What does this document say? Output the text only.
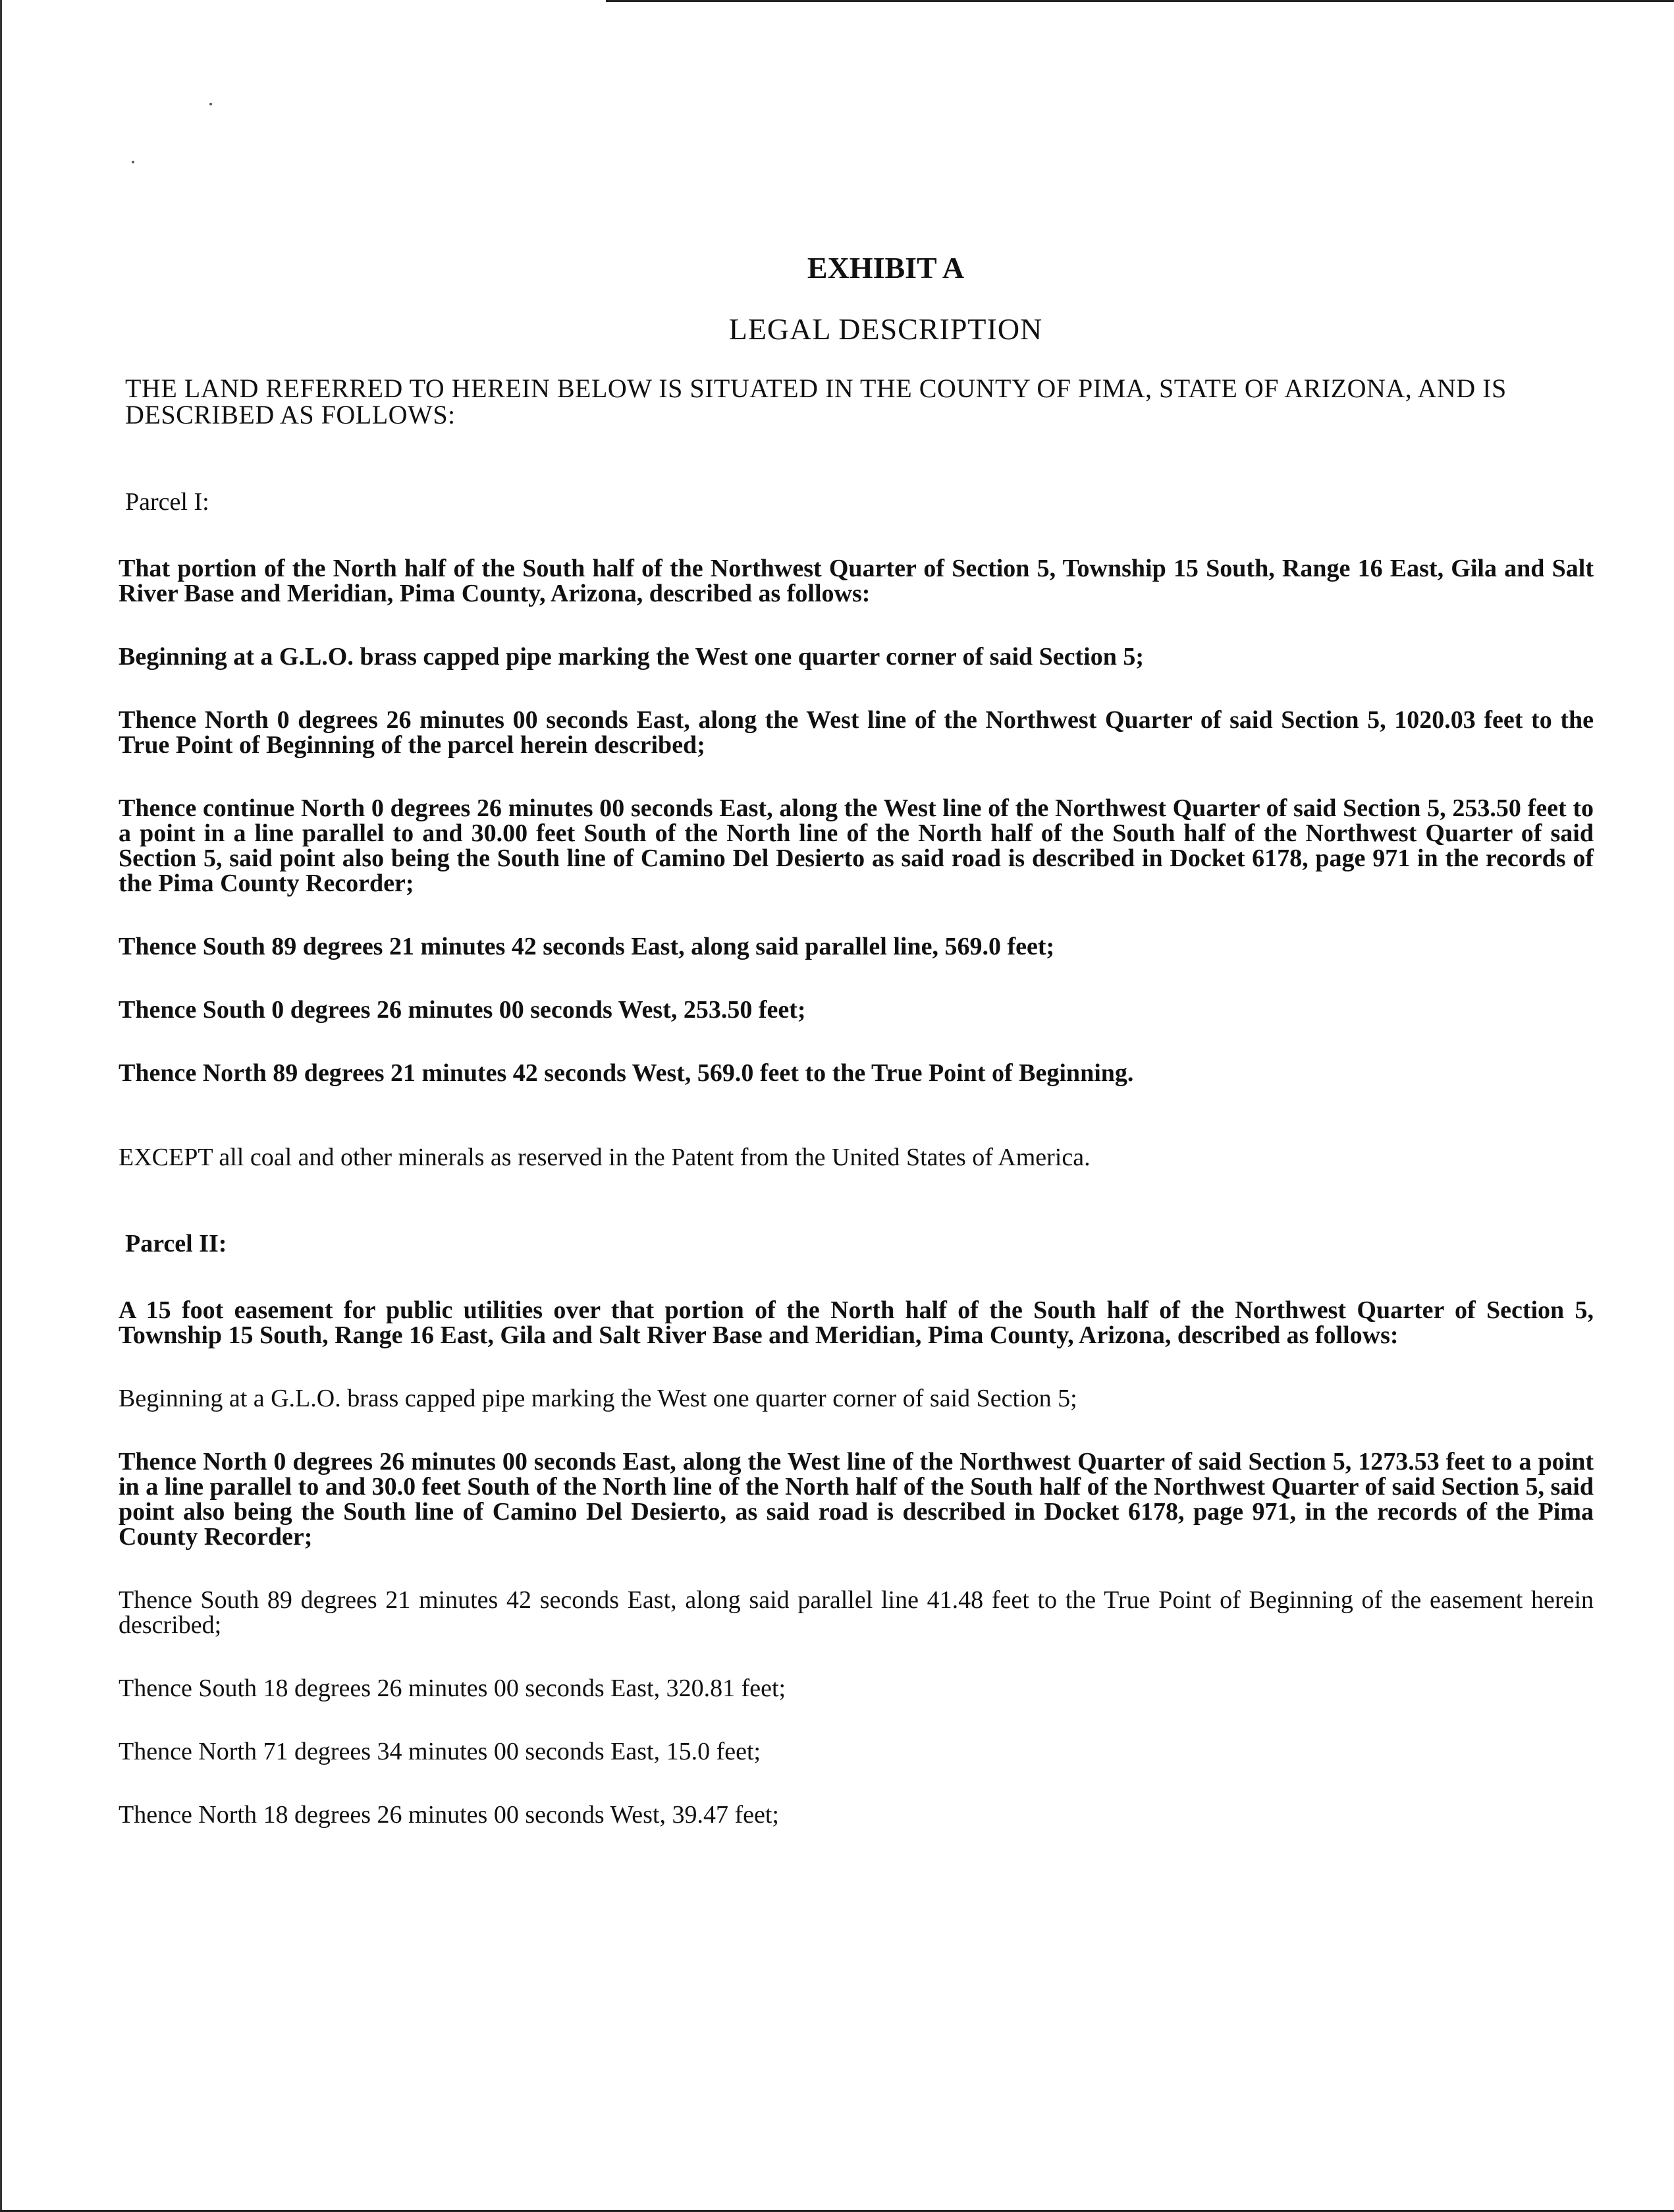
EXHIBIT A
LEGAL DESCRIPTION
THE LAND REFERRED TO HEREIN BELOW IS SITUATED IN THE COUNTY OF PIMA, STATE OF ARIZONA, AND IS DESCRIBED AS FOLLOWS:
Parcel I:
That portion of the North half of the South half of the Northwest Quarter of Section 5, Township 15 South, Range 16 East, Gila and Salt River Base and Meridian, Pima County, Arizona, described as follows:
Beginning at a G.L.O. brass capped pipe marking the West one quarter corner of said Section 5;
Thence North 0 degrees 26 minutes 00 seconds East, along the West line of the Northwest Quarter of said Section 5, 1020.03 feet to the True Point of Beginning of the parcel herein described;
Thence continue North 0 degrees 26 minutes 00 seconds East, along the West line of the Northwest Quarter of said Section 5, 253.50 feet to a point in a line parallel to and 30.00 feet South of the North line of the North half of the South half of the Northwest Quarter of said Section 5, said point also being the South line of Camino Del Desierto as said road is described in Docket 6178, page 971 in the records of the Pima County Recorder;
Thence South 89 degrees 21 minutes 42 seconds East, along said parallel line, 569.0 feet;
Thence South 0 degrees 26 minutes 00 seconds West, 253.50 feet;
Thence North 89 degrees 21 minutes 42 seconds West, 569.0 feet to the True Point of Beginning.
EXCEPT all coal and other minerals as reserved in the Patent from the United States of America.
Parcel II:
A 15 foot easement for public utilities over that portion of the North half of the South half of the Northwest Quarter of Section 5, Township 15 South, Range 16 East, Gila and Salt River Base and Meridian, Pima County, Arizona, described as follows:
Beginning at a G.L.O. brass capped pipe marking the West one quarter corner of said Section 5;
Thence North 0 degrees 26 minutes 00 seconds East, along the West line of the Northwest Quarter of said Section 5, 1273.53 feet to a point in a line parallel to and 30.0 feet South of the North line of the North half of the South half of the Northwest Quarter of said Section 5, said point also being the South line of Camino Del Desierto, as said road is described in Docket 6178, page 971, in the records of the Pima County Recorder;
Thence South 89 degrees 21 minutes 42 seconds East, along said parallel line 41.48 feet to the True Point of Beginning of the easement herein described;
Thence South 18 degrees 26 minutes 00 seconds East, 320.81 feet;
Thence North 71 degrees 34 minutes 00 seconds East, 15.0 feet;
Thence North 18 degrees 26 minutes 00 seconds West, 39.47 feet;
